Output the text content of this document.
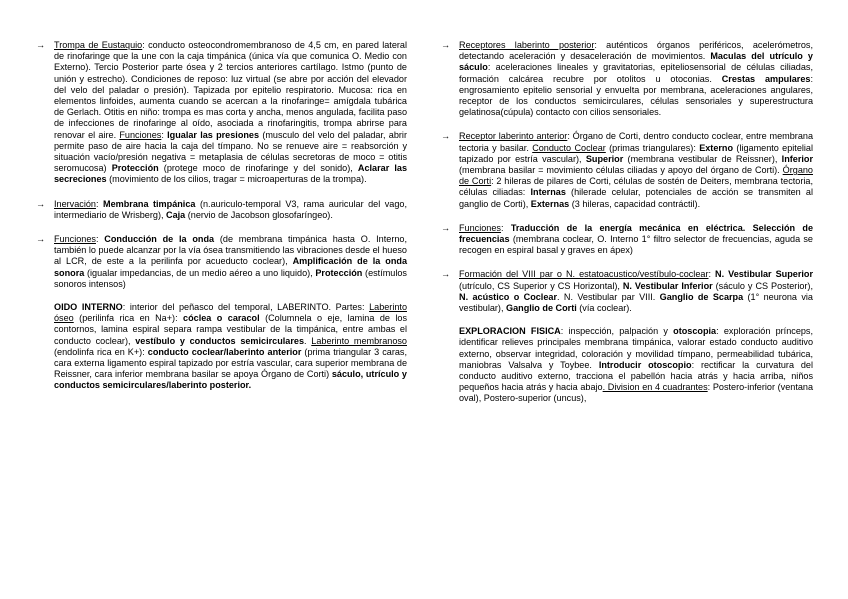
→ Trompa de Eustaquio: conducto osteocondromembranoso de 4,5 cm, en pared lateral de rinofaringe que la une con la caja timpánica (única vía que comunica O. Medio con Externo). Tercio Posterior parte ósea y 2 tercios anteriores cartílago. Istmo (punto de unión y estrecho). Condiciones de reposo: luz virtual (se abre por acción del elevador del velo del paladar o presión). Tapizada por epitelio respiratorio. Mucosa: rica en elementos linfoides, aumenta cuando se acercan a la rinofaringe= amígdala tubárica de Gerlach. Otitis en niño: trompa es mas corta y ancha, menos angulada, facilita paso de infecciones de rinofaringe al oído, asociada a rinofaringitis, trompa abrirse para renovar el aire. Funciones: Igualar las presiones (musculo del velo del paladar, abrir permite paso de aire hacia la caja del tímpano. No se renueve aire = reabsorción y situación vacío/presión negativa = metaplasia de células secretoras de moco = otitis seromucosa) Protección (protege moco de rinofaringe y del sonido), Aclarar las secreciones (movimiento de los cilios, tragar = microaperturas de la trompa).
→ Inervación: Membrana timpánica (n.auriculo-temporal V3, rama auricular del vago, intermediario de Wrisberg), Caja (nervio de Jacobson glosofaríngeo).
→ Funciones: Conducción de la onda (de membrana timpánica hasta O. Interno, también lo puede alcanzar por la vía ósea transmitiendo las vibraciones desde el hueso al LCR, de este a la perilinfa por acueducto coclear), Amplificación de la onda sonora (igualar impedancias, de un medio aéreo a uno liquido), Protección (estímulos sonoros intensos)
OIDO INTERNO: interior del peñasco del temporal, LABERINTO. Partes: Laberinto óseo (perilinfa rica en Na+): cóclea o caracol (Columnela o eje, lamina de los contornos, lamina espiral separa rampa vestibular de la timpánica, entre ambas el conducto coclear), vestíbulo y conductos semicirculares. Laberinto membranoso (endolinfa rica en K+): conducto coclear/laberinto anterior (prima triangular 3 caras, cara externa ligamento espiral tapizado por estría vascular, cara superior membrana de Reissner, cara inferior membrana basilar se apoya Órgano de Corti) sáculo, utrículo y conductos semicirculares/laberinto posterior.
→ Receptores laberinto posterior: auténticos órganos periféricos, acelerómetros, detectando aceleración y desaceleración de movimientos. Maculas del utrículo y sáculo: aceleraciones lineales y gravitatorias, epiteliosensorial de células ciliadas, formación calcárea recubre por otolitos u otoconias. Crestas ampulares: engrosamiento epitelio sensorial y envuelta por membrana, aceleraciones angulares, receptor de los conductos semicirculares, células sensoriales y superestructura gelatinosa(cúpula) contacto con cilios sensoriales.
→ Receptor laberinto anterior: Órgano de Corti, dentro conducto coclear, entre membrana tectoria y basilar. Conducto Coclear (primas triangulares): Externo (ligamento epitelial tapizado por estría vascular), Superior (membrana vestibular de Reissner), Inferior (membrana basilar = movimiento células ciliadas y apoyo del órgano de Corti). Órgano de Corti: 2 hileras de pilares de Corti, células de sostén de Deiters, membrana tectoria, células ciliadas: Internas (hilerade celular, potenciales de acción se transmiten al ganglio de Corti), Externas (3 hileras, capacidad contráctil).
→ Funciones: Traducción de la energía mecánica en eléctrica. Selección de frecuencias (membrana coclear, O. Interno 1° filtro selector de frecuencias, aguda se recogen en espiral basal y graves en ápex)
→ Formación del VIII par o N. estatoacustico/vestíbulo-coclear: N. Vestibular Superior (utrículo, CS Superior y CS Horizontal), N. Vestibular Inferior (sáculo y CS Posterior), N. acústico o Coclear. N. Vestibular par VIII. Ganglio de Scarpa (1° neurona via vestibular), Ganglio de Corti (vía coclear).
EXPLORACION FISICA: inspección, palpación y otoscopia: exploración prínceps, identificar relieves principales membrana timpánica, valorar estado conducto auditivo externo, observar integridad, coloración y movilidad tímpano, permeabilidad tubárica, maniobras Valsalva y Toybee. Introducir otoscopio: rectificar la curvatura del conducto auditivo externo, tracciona el pabellón hacia atrás y hacia arriba, niños pequeños hacia atrás y hacia abajo. Division en 4 cuadrantes: Postero-inferior (ventana oval), Postero-superior (uncus),
